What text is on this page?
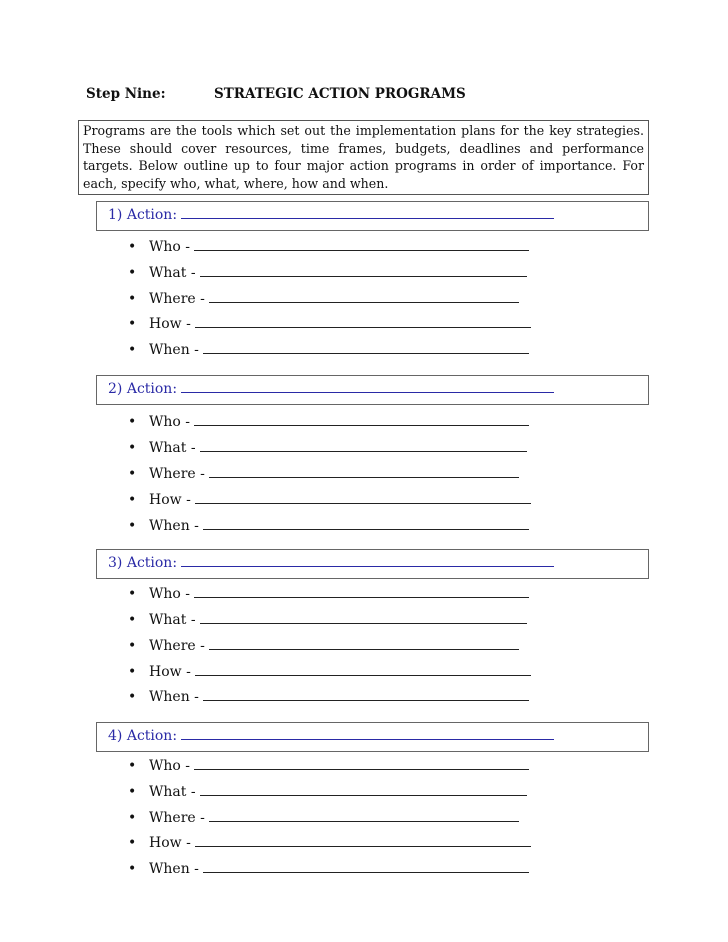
Step Nine:	STRATEGIC ACTION PROGRAMS
Programs are the tools which set out the implementation plans for the key strategies. These should cover resources, time frames, budgets, deadlines and performance targets. Below outline up to four major action programs in order of importance. For each, specify who, what, where, how and when.
1) Action:
• Who -
• What -
• Where -
• How -
• When -
2) Action:
• Who -
• What -
• Where -
• How -
• When -
3) Action:
• Who -
• What -
• Where -
• How -
• When -
4) Action:
• Who -
• What -
• Where -
• How -
• When -
